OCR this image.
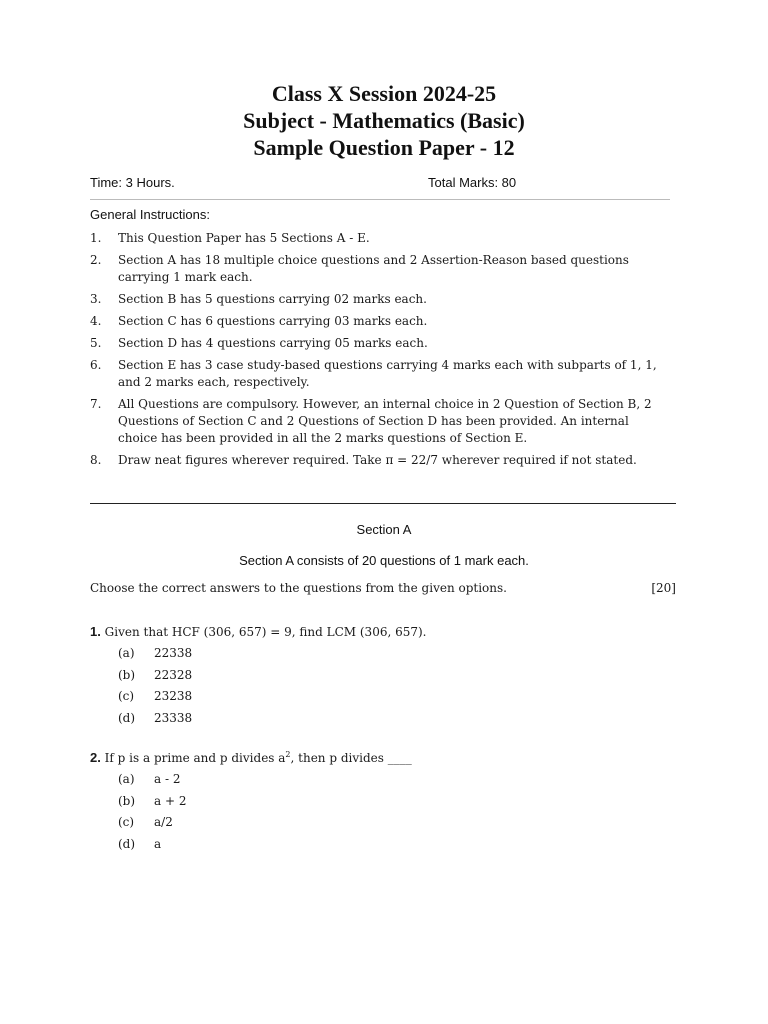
Class X Session 2024-25
Subject - Mathematics (Basic)
Sample Question Paper - 12
Time: 3 Hours.	Total Marks: 80
General Instructions:
1. This Question Paper has 5 Sections A - E.
2. Section A has 18 multiple choice questions and 2 Assertion-Reason based questions carrying 1 mark each.
3. Section B has 5 questions carrying 02 marks each.
4. Section C has 6 questions carrying 03 marks each.
5. Section D has 4 questions carrying 05 marks each.
6. Section E has 3 case study-based questions carrying 4 marks each with subparts of 1, 1, and 2 marks each, respectively.
7. All Questions are compulsory. However, an internal choice in 2 Question of Section B, 2 Questions of Section C and 2 Questions of Section D has been provided. An internal choice has been provided in all the 2 marks questions of Section E.
8. Draw neat figures wherever required. Take π = 22/7 wherever required if not stated.
Section A
Section A consists of 20 questions of 1 mark each.
Choose the correct answers to the questions from the given options.	[20]
1. Given that HCF (306, 657) = 9, find LCM (306, 657).
(a) 22338
(b) 22328
(c) 23238
(d) 23338
2. If p is a prime and p divides $a^2$, then p divides ____
(a) a - 2
(b) a + 2
(c) a/2
(d) a
